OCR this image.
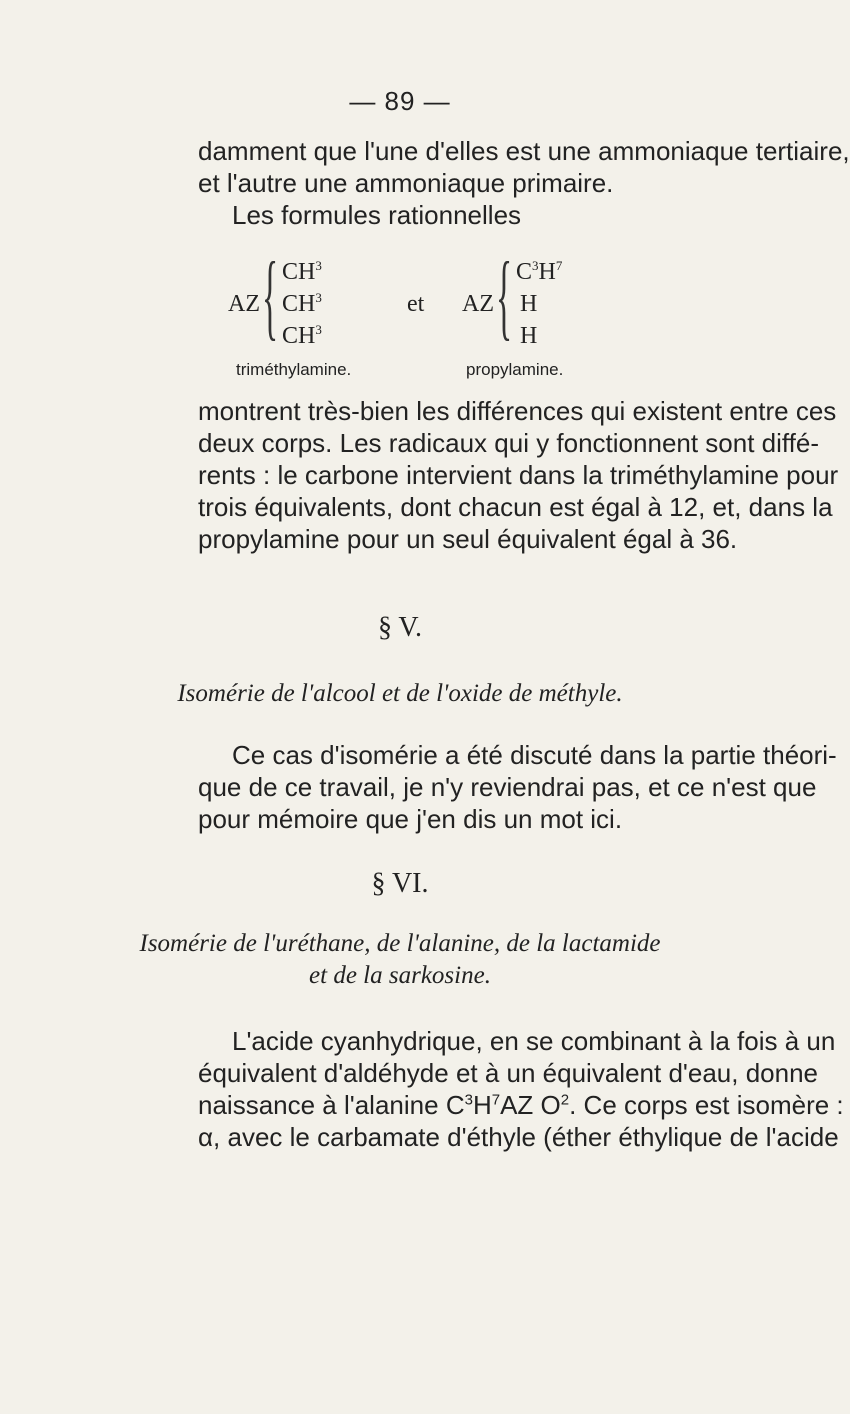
— 89 —
damment que l'une d'elles est une ammoniaque tertiaire,
et l'autre une ammoniaque primaire.
Les formules rationnelles
AZ { $CH^3$
$CH^3$
$CH^3$
et AZ { $C^3H^7$
H
H
triméthylamine.	propylamine.
montrent très-bien les différences qui existent entre ces
deux corps. Les radicaux qui y fonctionnent sont diffé-
rents : le carbone intervient dans la triméthylamine pour
trois équivalents, dont chacun est égal à 12, et, dans la
propylamine pour un seul équivalent égal à 36.
§ V.
Isomérie de l'alcool et de l'oxide de méthyle.
Ce cas d'isomérie a été discuté dans la partie théori-
que de ce travail, je n'y reviendrai pas, et ce n'est que
pour mémoire que j'en dis un mot ici.
§ VI.
Isomérie de l'uréthane, de l'alanine, de la lactamide
et de la sarkosine.
L'acide cyanhydrique, en se combinant à la fois à un
équivalent d'aldéhyde et à un équivalent d'eau, donne
naissance à l'alanine $C^3H^7AZ$ $O^2$. Ce corps est isomère :
α, avec le carbamate d'éthyle (éther éthylique de l'acide
